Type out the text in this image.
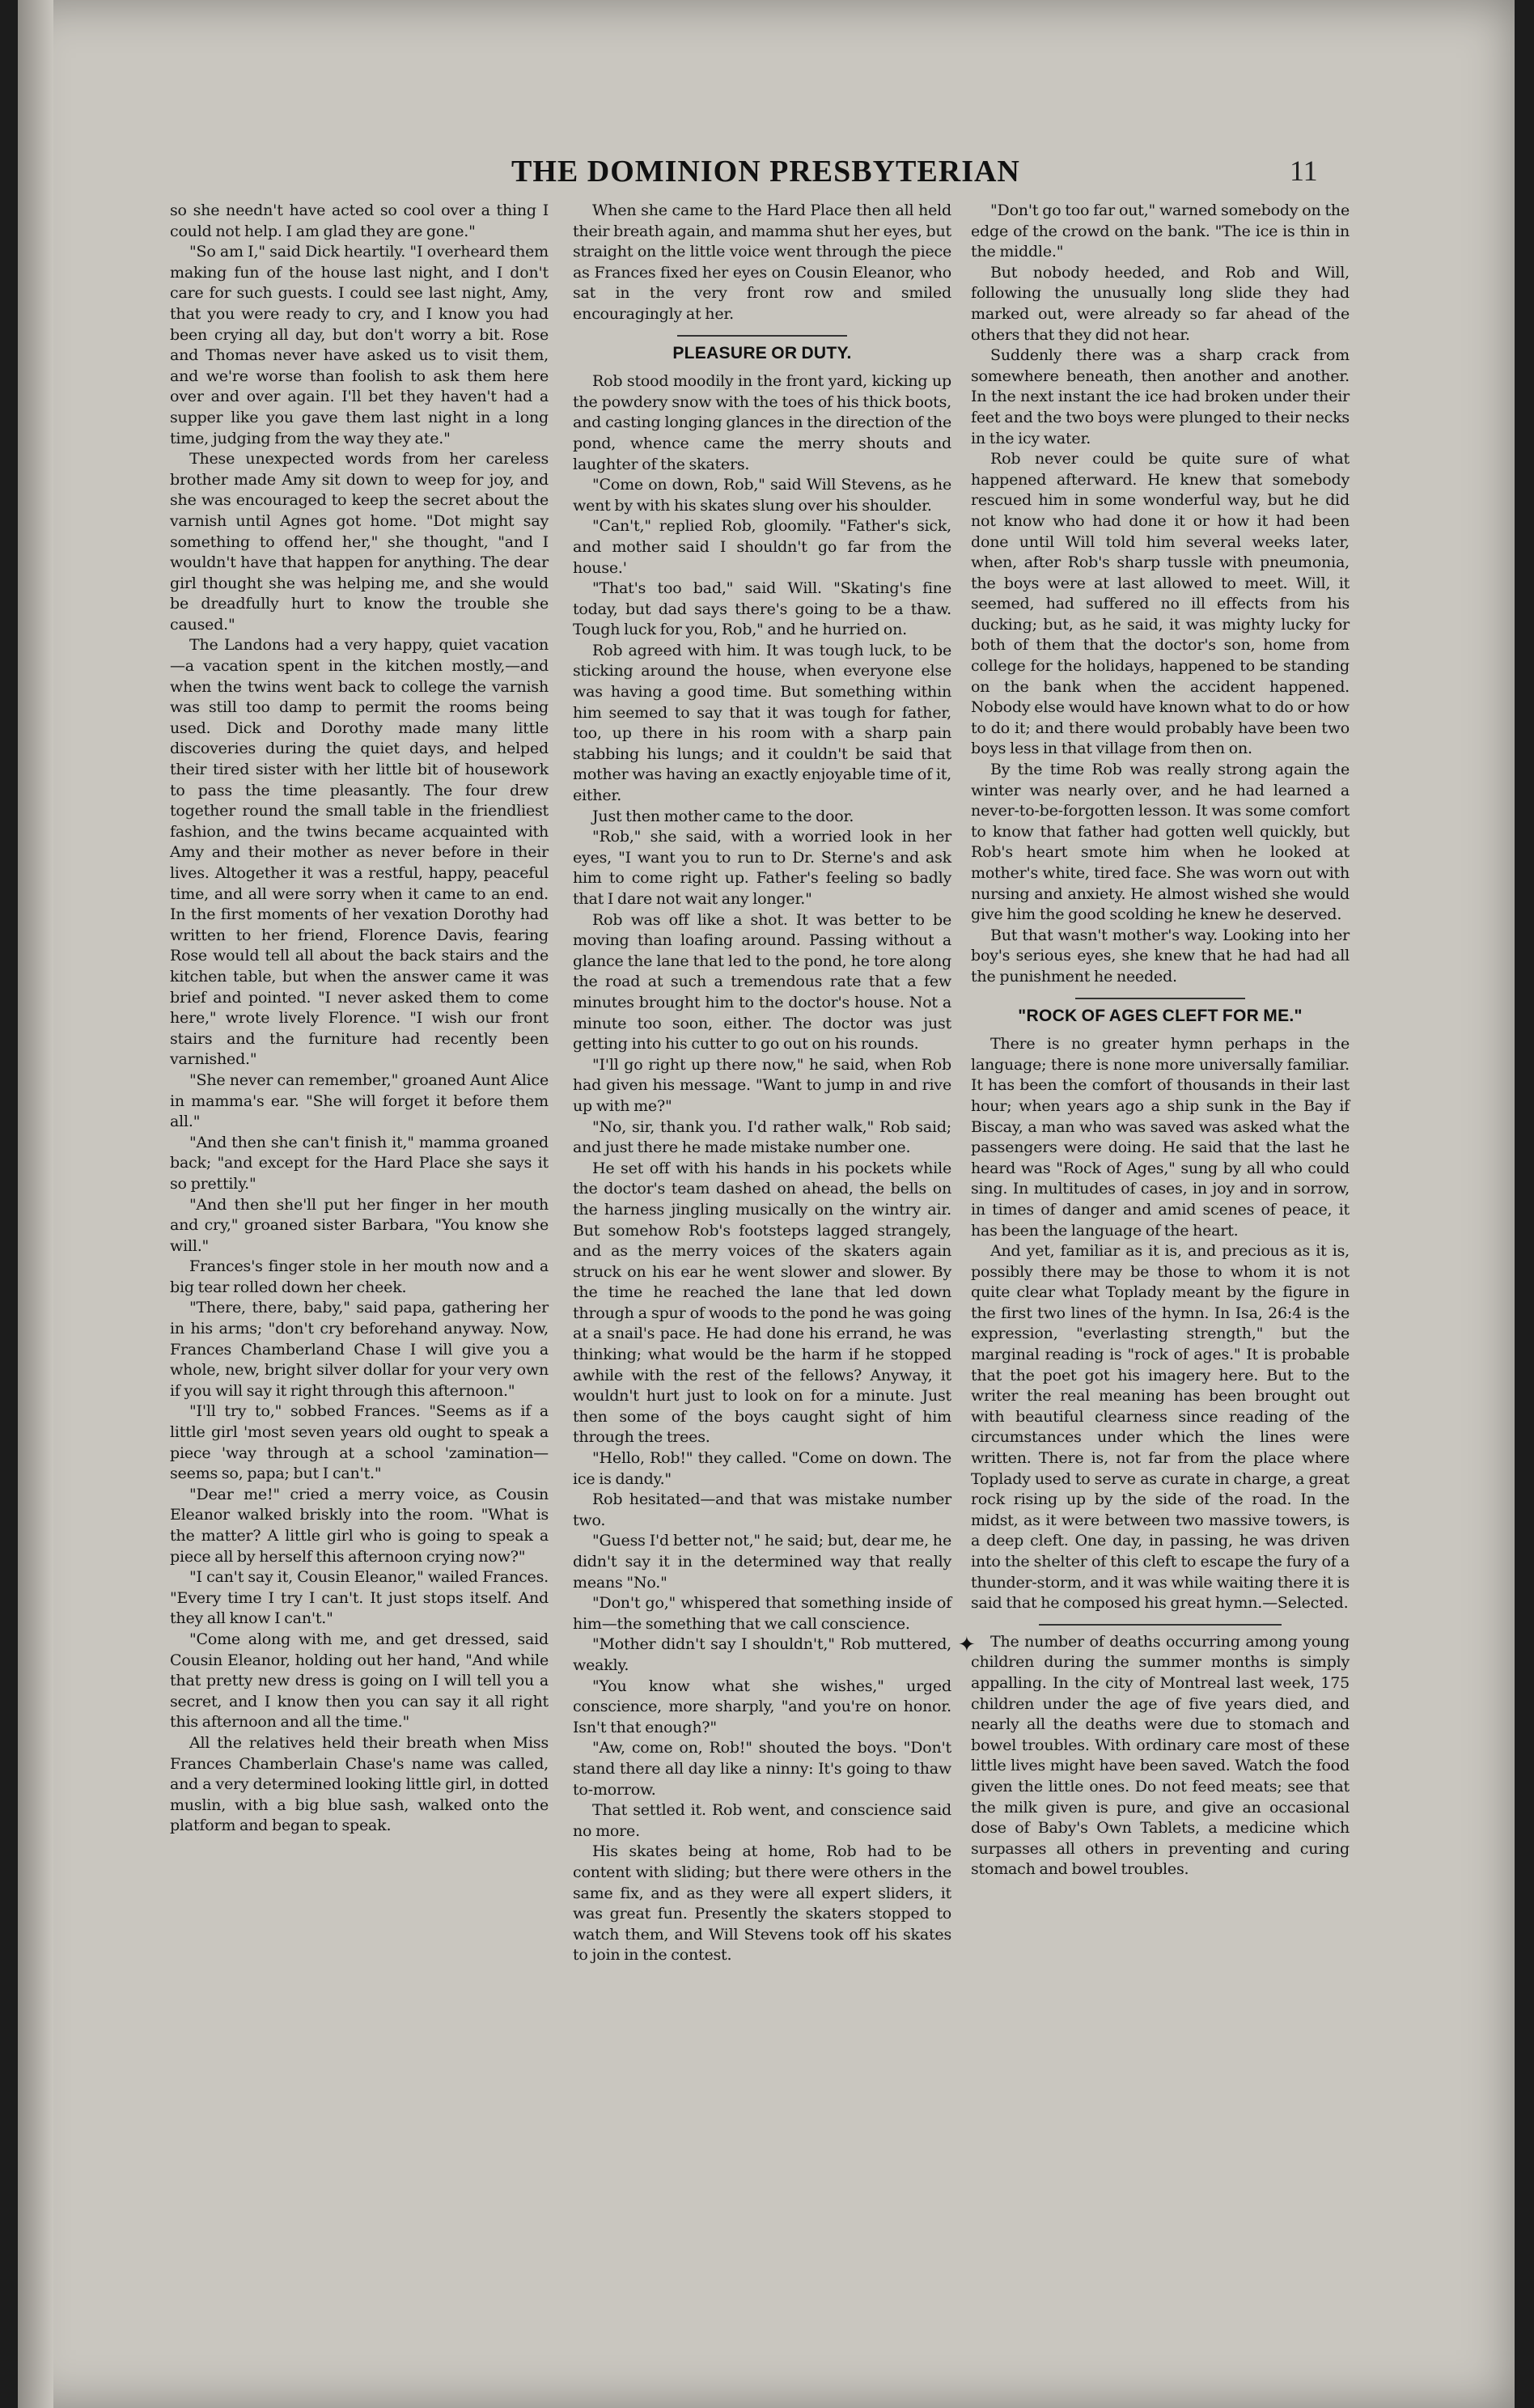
THE DOMINION PRESBYTERIAN	11

so she needn't have acted so cool over a thing I could not help. I am glad they are gone."

"So am I," said Dick heartily. "I overheard them making fun of the house last night, and I don't care for such guests. I could see last night, Amy, that you were ready to cry, and I know you had been crying all day, but don't worry a bit. Rose and Thomas never have asked us to visit them, and we're worse than foolish to ask them here over and over again. I'll bet they haven't had a supper like you gave them last night in a long time, judging from the way they ate."

These unexpected words from her careless brother made Amy sit down to weep for joy, and she was encouraged to keep the secret about the varnish until Agnes got home. "Dot might say something to offend her," she thought, "and I wouldn't have that happen for anything. The dear girl thought she was helping me, and she would be dreadfully hurt to know the trouble she caused."

The Landons had a very happy, quiet vacation—a vacation spent in the kitchen mostly,—and when the twins went back to college the varnish was still too damp to permit the rooms being used. Dick and Dorothy made many little discoveries during the quiet days, and helped their tired sister with her little bit of housework to pass the time pleasantly. The four drew together round the small table in the friendliest fashion, and the twins became acquainted with Amy and their mother as never before in their lives. Altogether it was a restful, happy, peaceful time, and all were sorry when it came to an end. In the first moments of her vexation Dorothy had written to her friend, Florence Davis, fearing Rose would tell all about the back stairs and the kitchen table, but when the answer came it was brief and pointed. "I never asked them to come here," wrote lively Florence. "I wish our front stairs and the furniture had recently been varnished."

"She never can remember," groaned Aunt Alice in mamma's ear. "She will forget it before them all."

"And then she can't finish it," mamma groaned back; "and except for the Hard Place she says it so prettily."

"And then she'll put her finger in her mouth and cry," groaned sister Barbara, "You know she will."

Frances's finger stole in her mouth now and a big tear rolled down her cheek.

"There, there, baby," said papa, gathering her in his arms; "don't cry beforehand anyway. Now, Frances Chamberland Chase I will give you a whole, new, bright silver dollar for your very own if you will say it right through this afternoon."

"I'll try to," sobbed Frances. "Seems as if a little girl 'most seven years old ought to speak a piece 'way through at a school 'zamination—seems so, papa; but I can't."

"Dear me!" cried a merry voice, as Cousin Eleanor walked briskly into the room. "What is the matter? A little girl who is going to speak a piece all by herself this afternoon crying now?"

"I can't say it, Cousin Eleanor," wailed Frances. "Every time I try I can't. It just stops itself. And they all know I can't."

"Come along with me, and get dressed, said Cousin Eleanor, holding out her hand, "And while that pretty new dress is going on I will tell you a secret, and I know then you can say it all right this afternoon and all the time."

All the relatives held their breath when Miss Frances Chamberlain Chase's name was called, and a very determined looking little girl, in dotted muslin, with a big blue sash, walked onto the platform and began to speak.

When she came to the Hard Place then all held their breath again, and mamma shut her eyes, but straight on the little voice went through the piece as Frances fixed her eyes on Cousin Eleanor, who sat in the very front row and smiled encouragingly at her.

PLEASURE OR DUTY.

Rob stood moodily in the front yard, kicking up the powdery snow with the toes of his thick boots, and casting longing glances in the direction of the pond, whence came the merry shouts and laughter of the skaters.

"Come on down, Rob," said Will Stevens, as he went by with his skates slung over his shoulder.

"Can't," replied Rob, gloomily. "Father's sick, and mother said I shouldn't go far from the house.'

"That's too bad," said Will. "Skating's fine today, but dad says there's going to be a thaw. Tough luck for you, Rob," and he hurried on.

Rob agreed with him. It was tough luck, to be sticking around the house, when everyone else was having a good time. But something within him seemed to say that it was tough for father, too, up there in his room with a sharp pain stabbing his lungs; and it couldn't be said that mother was having an exactly enjoyable time of it, either.

Just then mother came to the door.

"Rob," she said, with a worried look in her eyes, "I want you to run to Dr. Sterne's and ask him to come right up. Father's feeling so badly that I dare not wait any longer."

Rob was off like a shot. It was better to be moving than loafing around. Passing without a glance the lane that led to the pond, he tore along the road at such a tremendous rate that a few minutes brought him to the doctor's house. Not a minute too soon, either. The doctor was just getting into his cutter to go out on his rounds.

"I'll go right up there now," he said, when Rob had given his message. "Want to jump in and rive up with me?"

"No, sir, thank you. I'd rather walk," Rob said; and just there he made mistake number one.

He set off with his hands in his pockets while the doctor's team dashed on ahead, the bells on the harness jingling musically on the wintry air. But somehow Rob's footsteps lagged strangely, and as the merry voices of the skaters again struck on his ear he went slower and slower. By the time he reached the lane that led down through a spur of woods to the pond he was going at a snail's pace. He had done his errand, he was thinking; what would be the harm if he stopped awhile with the rest of the fellows? Anyway, it wouldn't hurt just to look on for a minute. Just then some of the boys caught sight of him through the trees.

"Hello, Rob!" they called. "Come on down. The ice is dandy."

Rob hesitated—and that was mistake number two.

"Guess I'd better not," he said; but, dear me, he didn't say it in the determined way that really means "No."

"Don't go," whispered that something inside of him—the something that we call conscience.

"Mother didn't say I shouldn't," Rob muttered, weakly.

"You know what she wishes," urged conscience, more sharply, "and you're on honor. Isn't that enough?"

"Aw, come on, Rob!" shouted the boys. "Don't stand there all day like a ninny: It's going to thaw to-morrow.

That settled it. Rob went, and conscience said no more.

His skates being at home, Rob had to be content with sliding; but there were others in the same fix, and as they were all expert sliders, it was great fun. Presently the skaters stopped to watch them, and Will Stevens took off his skates to join in the contest.

"Don't go too far out," warned somebody on the edge of the crowd on the bank. "The ice is thin in the middle."

But nobody heeded, and Rob and Will, following the unusually long slide they had marked out, were already so far ahead of the others that they did not hear.

Suddenly there was a sharp crack from somewhere beneath, then another and another. In the next instant the ice had broken under their feet and the two boys were plunged to their necks in the icy water.

Rob never could be quite sure of what happened afterward. He knew that somebody rescued him in some wonderful way, but he did not know who had done it or how it had been done until Will told him several weeks later, when, after Rob's sharp tussle with pneumonia, the boys were at last allowed to meet. Will, it seemed, had suffered no ill effects from his ducking; but, as he said, it was mighty lucky for both of them that the doctor's son, home from college for the holidays, happened to be standing on the bank when the accident happened. Nobody else would have known what to do or how to do it; and there would probably have been two boys less in that village from then on.

By the time Rob was really strong again the winter was nearly over, and he had learned a never-to-be-forgotten lesson. It was some comfort to know that father had gotten well quickly, but Rob's heart smote him when he looked at mother's white, tired face. She was worn out with nursing and anxiety. He almost wished she would give him the good scolding he knew he deserved.

But that wasn't mother's way. Looking into her boy's serious eyes, she knew that he had had all the punishment he needed.

"ROCK OF AGES CLEFT FOR ME."

There is no greater hymn perhaps in the language; there is none more universally familiar. It has been the comfort of thousands in their last hour; when years ago a ship sunk in the Bay if Biscay, a man who was saved was asked what the passengers were doing. He said that the last he heard was "Rock of Ages," sung by all who could sing. In multitudes of cases, in joy and in sorrow, in times of danger and amid scenes of peace, it has been the language of the heart.

And yet, familiar as it is, and precious as it is, possibly there may be those to whom it is not quite clear what Toplady meant by the figure in the first two lines of the hymn. In Isa, 26:4 is the expression, "everlasting strength," but the marginal reading is "rock of ages." It is probable that the poet got his imagery here. But to the writer the real meaning has been brought out with beautiful clearness since reading of the circumstances under which the lines were written. There is, not far from the place where Toplady used to serve as curate in charge, a great rock rising up by the side of the road. In the midst, as it were between two massive towers, is a deep cleft. One day, in passing, he was driven into the shelter of this cleft to escape the fury of a thunder-storm, and it was while waiting there it is said that he composed his great hymn.—Selected.

The number of deaths occurring among young children during the summer months is simply appalling. In the city of Montreal last week, 175 children under the age of five years died, and nearly all the deaths were due to stomach and bowel troubles. With ordinary care most of these little lives might have been saved. Watch the food given the little ones. Do not feed meats; see that the milk given is pure, and give an occasional dose of Baby's Own Tablets, a medicine which surpasses all others in preventing and curing stomach and bowel troubles.

✦
